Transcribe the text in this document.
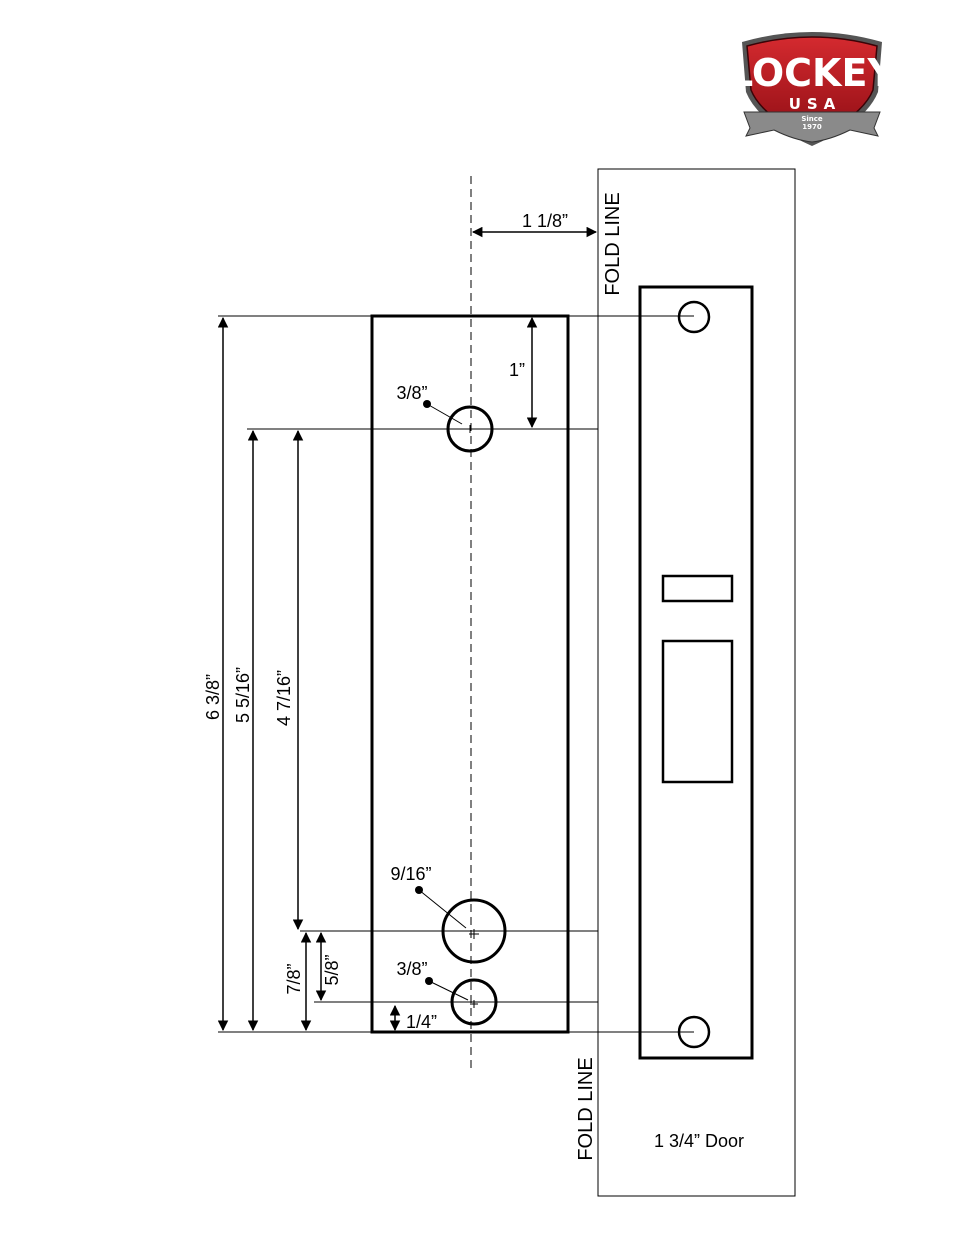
LOCKEY
USA
Since
1970
1 1/8”
1”
3/8”
9/16”
3/8”
1/4”
6 3/8” 5 5/16” 4 7/16”
7/8” 5/8”
FOLD LINE
FOLD LINE	1 3/4” Door
